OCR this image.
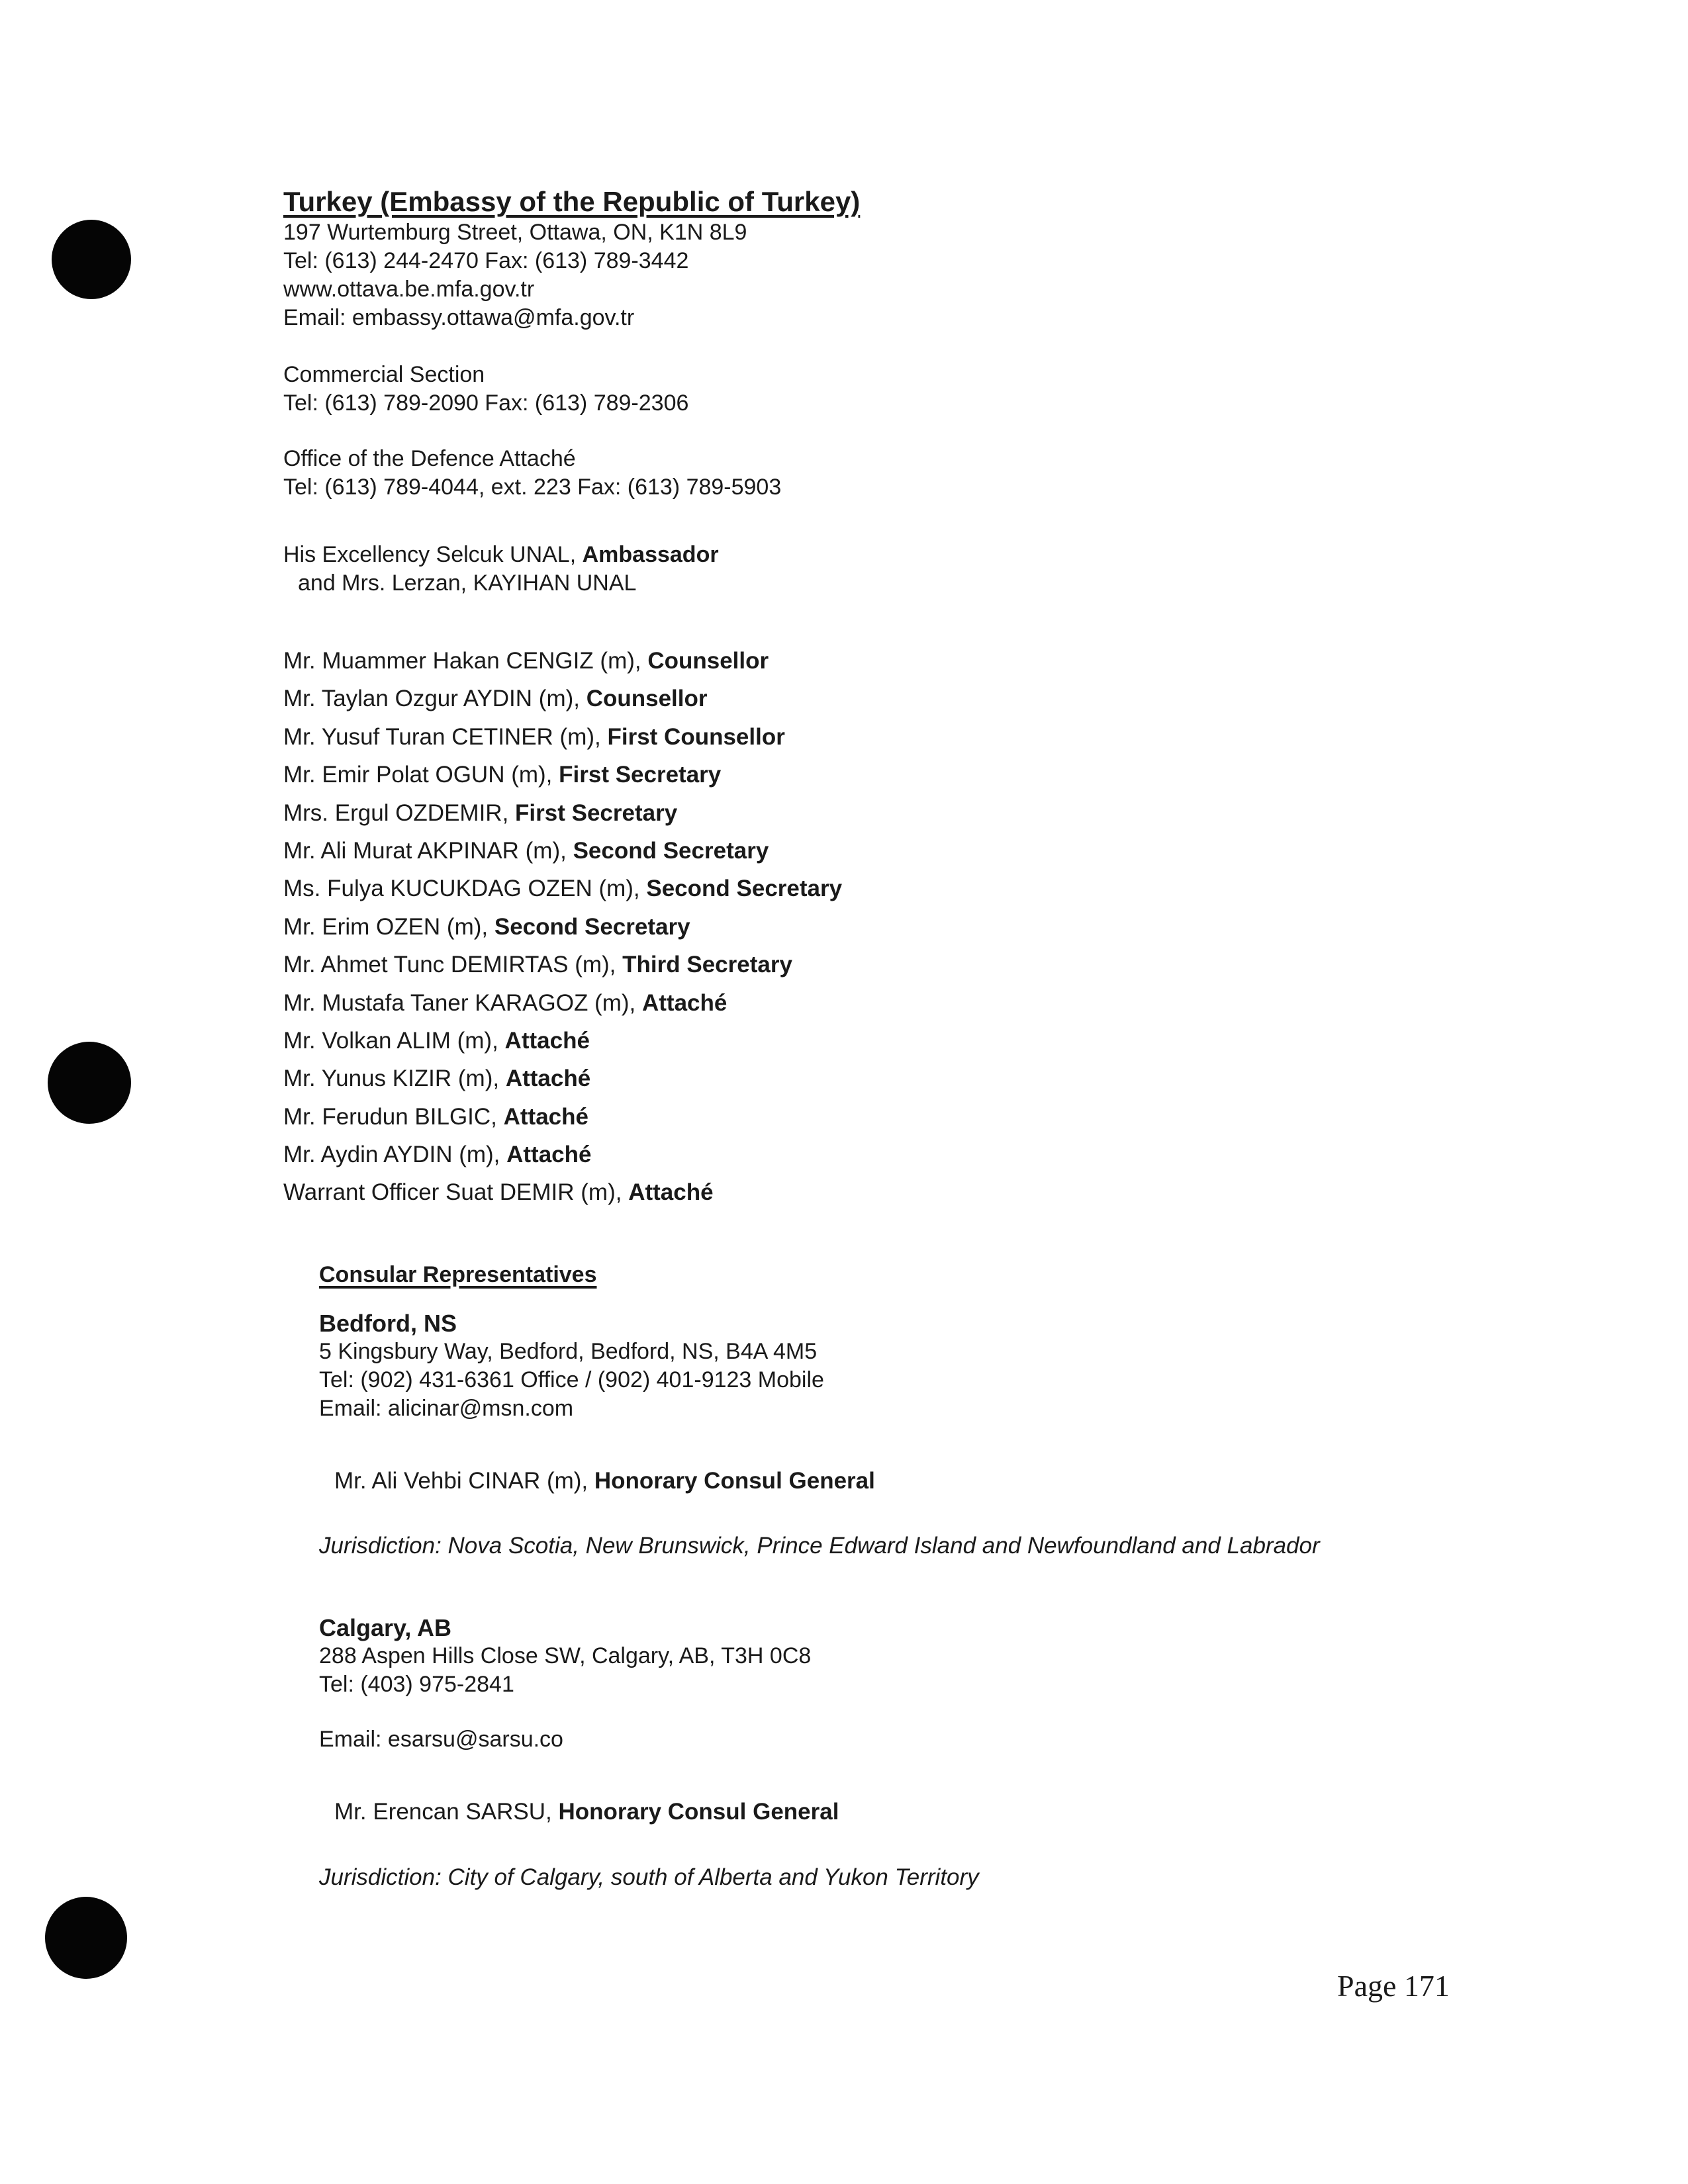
Turkey (Embassy of the Republic of Turkey)
197 Wurtemburg Street, Ottawa, ON, K1N 8L9
Tel: (613) 244-2470 Fax: (613) 789-3442
www.ottava.be.mfa.gov.tr
Email: embassy.ottawa@mfa.gov.tr
Commercial Section
Tel: (613) 789-2090 Fax: (613) 789-2306
Office of the Defence Attaché
Tel: (613) 789-4044, ext. 223 Fax: (613) 789-5903
His Excellency Selcuk UNAL, Ambassador
and Mrs. Lerzan, KAYIHAN UNAL
Mr. Muammer Hakan CENGIZ (m), Counsellor
Mr. Taylan Ozgur AYDIN (m), Counsellor
Mr. Yusuf Turan CETINER (m), First Counsellor
Mr. Emir Polat OGUN (m), First Secretary
Mrs. Ergul OZDEMIR, First Secretary
Mr. Ali Murat AKPINAR (m), Second Secretary
Ms. Fulya KUCUKDAG OZEN (m), Second Secretary
Mr. Erim OZEN (m), Second Secretary
Mr. Ahmet Tunc DEMIRTAS (m), Third Secretary
Mr. Mustafa Taner KARAGOZ (m), Attaché
Mr. Volkan ALIM (m), Attaché
Mr. Yunus KIZIR (m), Attaché
Mr. Ferudun BILGIC, Attaché
Mr. Aydin AYDIN (m), Attaché
Warrant Officer Suat DEMIR (m), Attaché
Consular Representatives
Bedford, NS
5 Kingsbury Way, Bedford, Bedford, NS, B4A 4M5
Tel: (902) 431-6361 Office / (902) 401-9123 Mobile
Email: alicinar@msn.com
Mr. Ali Vehbi CINAR (m), Honorary Consul General
Jurisdiction: Nova Scotia, New Brunswick, Prince Edward Island and Newfoundland and Labrador
Calgary, AB
288 Aspen Hills Close SW, Calgary, AB, T3H 0C8
Tel: (403) 975-2841
Email: esarsu@sarsu.co
Mr. Erencan SARSU, Honorary Consul General
Jurisdiction: City of Calgary, south of Alberta and Yukon Territory
Page 171
